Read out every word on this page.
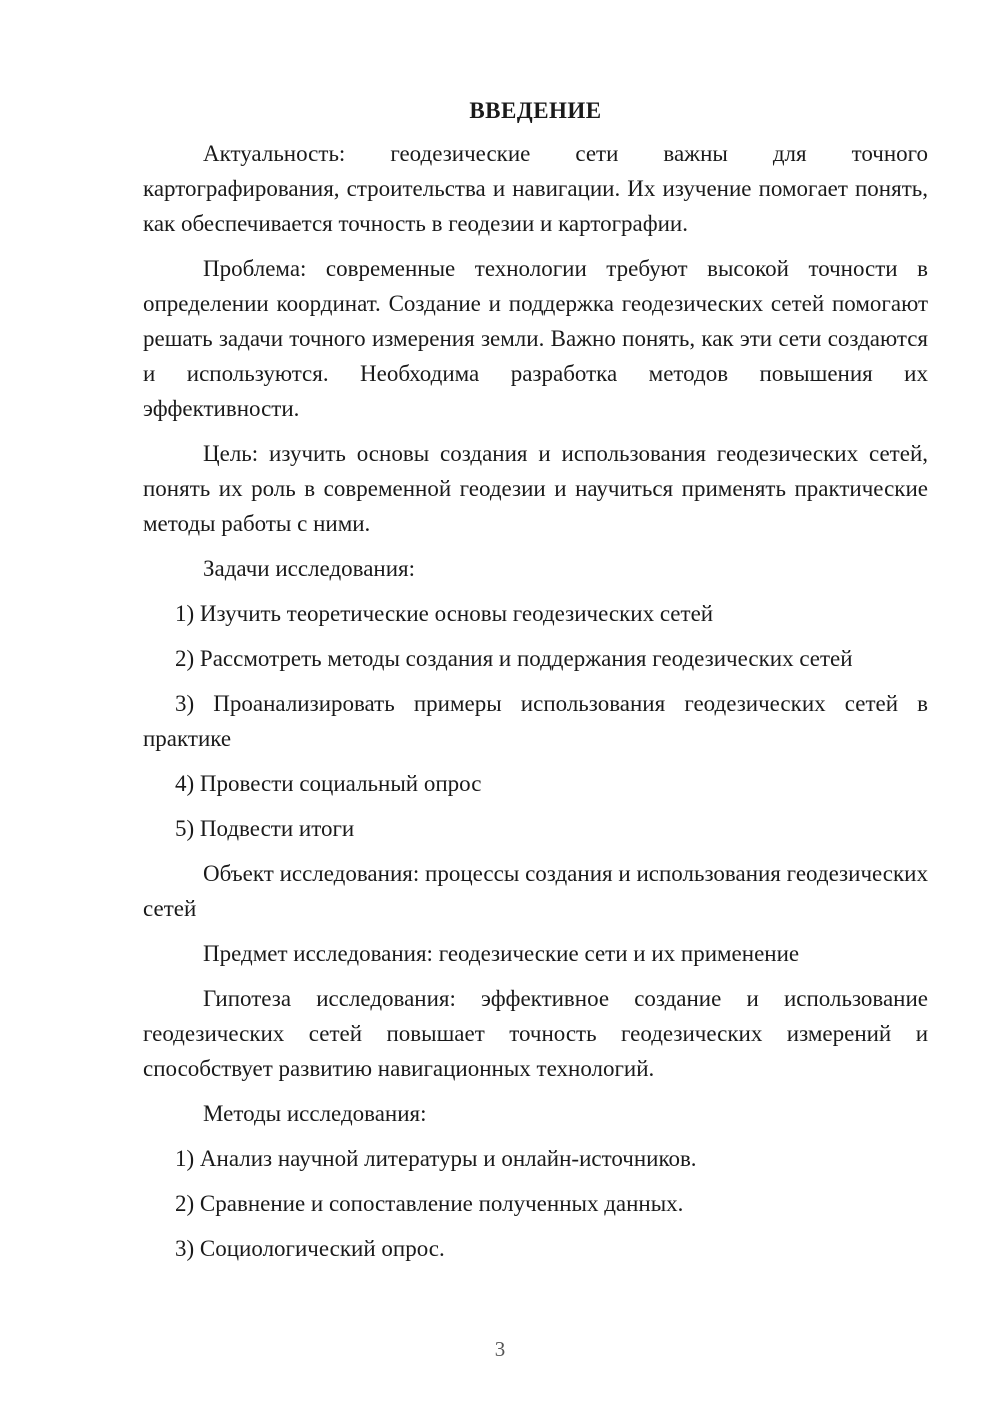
ВВЕДЕНИЕ

Актуальность: геодезические сети важны для точного картографирования, строительства и навигации. Их изучение помогает понять, как обеспечивается точность в геодезии и картографии.

Проблема: современные технологии требуют высокой точности в определении координат. Создание и поддержка геодезических сетей помогают решать задачи точного измерения земли. Важно понять, как эти сети создаются и используются. Необходима разработка методов повышения их эффективности.

Цель: изучить основы создания и использования геодезических сетей, понять их роль в современной геодезии и научиться применять практические методы работы с ними.

Задачи исследования:

1) Изучить теоретические основы геодезических сетей

2) Рассмотреть методы создания и поддержания геодезических сетей

3) Проанализировать примеры использования геодезических сетей в практике

4) Провести социальный опрос

5) Подвести итоги

Объект исследования: процессы создания и использования геодезических сетей

Предмет исследования: геодезические сети и их применение

Гипотеза исследования: эффективное создание и использование геодезических сетей повышает точность геодезических измерений и способствует развитию навигационных технологий.

Методы исследования:

1) Анализ научной литературы и онлайн-источников.

2) Сравнение и сопоставление полученных данных.

3) Социологический опрос.

3
